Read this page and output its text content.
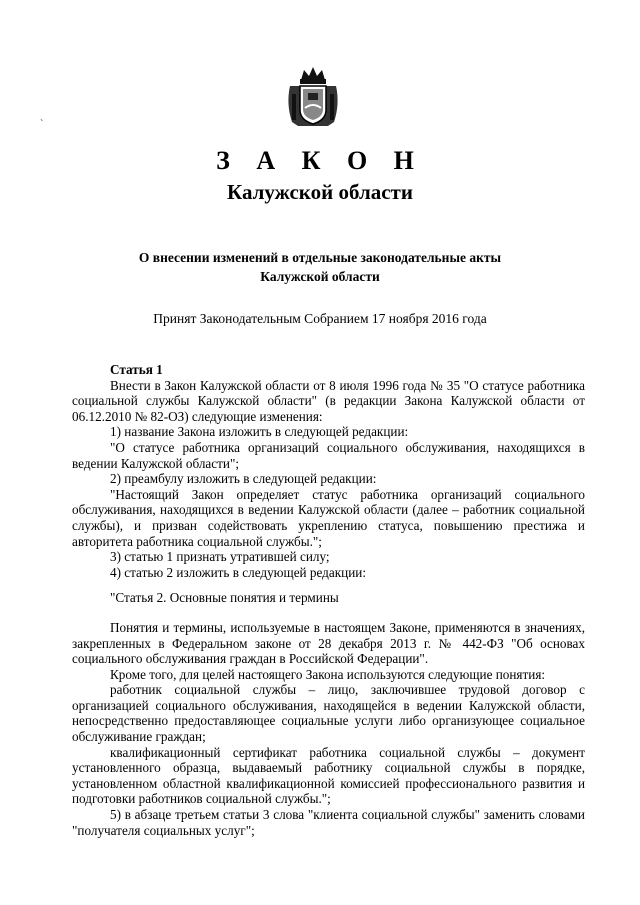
ˋ
З А К О Н
Калужской области
О внесении изменений в отдельные законодательные акты
Калужской области
Принят Законодательным Собранием 17 ноября 2016 года

Статья 1

Внести в Закон Калужской области от 8 июля 1996 года № 35 "О статусе работника социальной службы Калужской области" (в редакции Закона Калужской области от 06.12.2010 № 82-ОЗ) следующие изменения:

1) название Закона изложить в следующей редакции:

"О статусе работника организаций социального обслуживания, находящихся в ведении Калужской области";

2) преамбулу изложить в следующей редакции:

"Настоящий Закон определяет статус работника организаций социального обслуживания, находящихся в ведении Калужской области (далее – работник социальной службы), и призван содействовать укреплению статуса, повышению престижа и авторитета работника социальной службы.";

3) статью 1 признать утратившей силу;

4) статью 2 изложить в следующей редакции:

"Статья 2. Основные понятия и термины

Понятия и термины, используемые в настоящем Законе, применяются в значениях, закрепленных в Федеральном законе от 28 декабря 2013 г. № 442-ФЗ "Об основах социального обслуживания граждан в Российской Федерации".

Кроме того, для целей настоящего Закона используются следующие понятия:

работник социальной службы – лицо, заключившее трудовой договор с организацией социального обслуживания, находящейся в ведении Калужской области, непосредственно предоставляющее социальные услуги либо организующее социальное обслуживание граждан;

квалификационный сертификат работника социальной службы – документ установленного образца, выдаваемый работнику социальной службы в порядке, установленном областной квалификационной комиссией профессионального развития и подготовки работников социальной службы.";

5) в абзаце третьем статьи 3 слова "клиента социальной службы" заменить словами "получателя социальных услуг";
